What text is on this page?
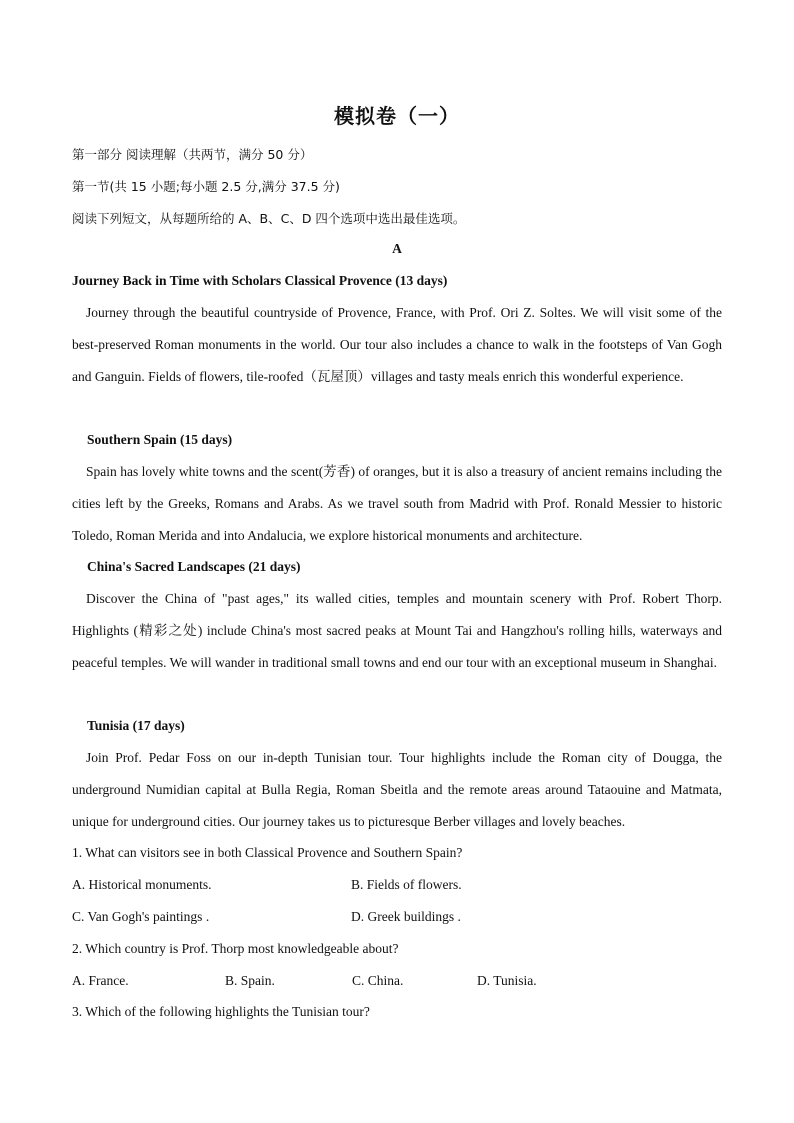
模拟卷（一）
第一部分 阅读理解（共两节，满分 50 分）
第一节(共 15 小题;每小题 2.5 分,满分 37.5 分)
阅读下列短文，从每题所给的 A、B、C、D 四个选项中选出最佳选项。
A
Journey Back in Time with Scholars Classical Provence (13 days)
Journey through the beautiful countryside of Provence, France, with Prof. Ori Z. Soltes. We will visit some of the best-preserved Roman monuments in the world. Our tour also includes a chance to walk in the footsteps of Van Gogh and Ganguin. Fields of flowers, tile-roofed（瓦屋顶）villages and tasty meals enrich this wonderful experience.
Southern Spain (15 days)
Spain has lovely white towns and the scent(芳香) of oranges, but it is also a treasury of ancient remains including the cities left by the Greeks, Romans and Arabs. As we travel south from Madrid with Prof. Ronald Messier to historic Toledo, Roman Merida and into Andalucia, we explore historical monuments and architecture.
China's Sacred Landscapes (21 days)
Discover the China of "past ages," its walled cities, temples and mountain scenery with Prof. Robert Thorp. Highlights (精彩之处) include China's most sacred peaks at Mount Tai and Hangzhou's rolling hills, waterways and peaceful temples. We will wander in traditional small towns and end our tour with an exceptional museum in Shanghai.
Tunisia (17 days)
Join Prof. Pedar Foss on our in-depth Tunisian tour. Tour highlights include the Roman city of Dougga, the underground Numidian capital at Bulla Regia, Roman Sbeitla and the remote areas around Tataouine and Matmata, unique for underground cities. Our journey takes us to picturesque Berber villages and lovely beaches.
1. What can visitors see in both Classical Provence and Southern Spain?
A. Historical monuments.	B. Fields of flowers.
C. Van Gogh's paintings .	D. Greek buildings .
2. Which country is Prof. Thorp most knowledgeable about?
A. France.	B. Spain.	C. China.	D. Tunisia.
3. Which of the following highlights the Tunisian tour?
